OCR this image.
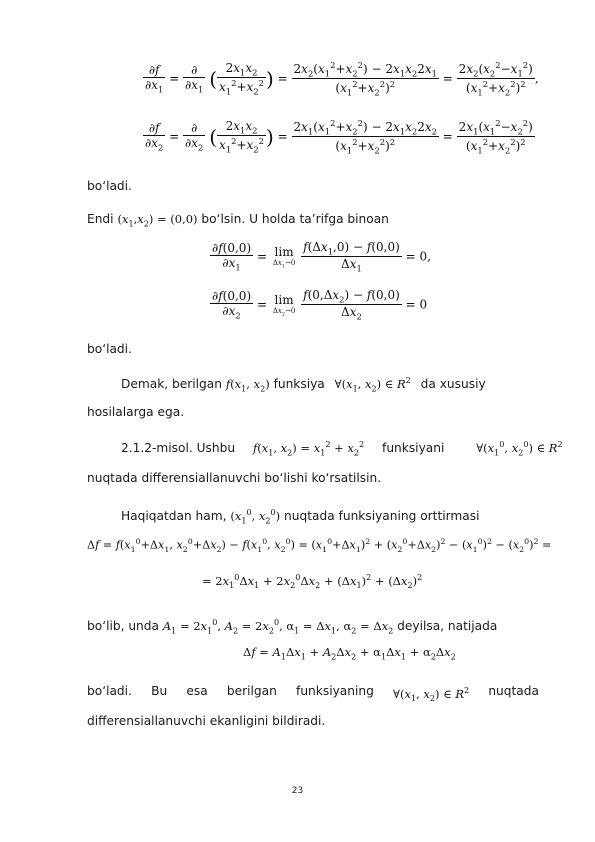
$\frac{\partial f}{\partial x_1} = \frac{\partial}{\partial x_1}$ ( $\frac{2x_1x_2}{x_1^2+x_2^2}$ ) = $\frac{2x_2(x_1^2+x_2^2) - 2x_1x_22x_1}{(x_1^2+x_2^2)^2} = \frac{2x_2(x_2^2-x_1^2)}{(x_1^2+x_2^2)^2}$ ,
$\frac{\partial f}{\partial x_2} = \frac{\partial}{\partial x_2}$ ( $\frac{2x_1x_2}{x_1^2+x_2^2}$ ) = $\frac{2x_1(x_1^2+x_2^2) - 2x_1x_22x_2}{(x_1^2+x_2^2)^2} = \frac{2x_1(x_1^2-x_2^2)}{(x_1^2+x_2^2)^2}$
bo‘ladi.
Endi $(x_1,x_2) = (0,0)$ bo‘lsin. U holda ta’rifga binoan
$\frac{\partial f(0,0)}{\partial x_1} = \lim$
$\Delta x_1\to 0$
$\frac{f(\Delta x_1,0) - f(0,0)}{\Delta x_1} = 0$,
$\frac{\partial f(0,0)}{\partial x_2} = \lim$
$\Delta x_2\to 0$
$\frac{f(0,\Delta x_2) - f(0,0)}{\Delta x_2} = 0$
bo‘ladi.
Demak, berilgan $f(x_1$, $x_2$) funksiya $\forall(x_1$, $x_2$) ∈ $R^2$ da xususiy
hosilalarga ega.
2.1.2-misol. Ushbu $f(x_1$, $x_2) = x_1^2 + x_2^2$ funksiyani	$\forall(x_1^0$, $x_2^0$) ∈ $R^2$
nuqtada differensiallanuvchi bo‘lishi ko‘rsatilsin.
Haqiqatdan ham, ($x_1^0$, $x_2^0$) nuqtada funksiyaning orttirmasi
$\Delta f = f(x_1^0+\Delta x_1$, $x_2^0+\Delta x_2) - f(x_1^0$, $x_2^0) = (x_1^0+\Delta x_1)^2 + (x_2^0+\Delta x_2)^2 - (x_1^0)^2 - (x_2^0)^2$ =
= $2x_1^0\Delta x_1 + 2x_2^0\Delta x_2 + (\Delta x_1)^2 + (\Delta x_2)^2$
bo‘lib, unda $A_1 = 2x_1^0$, $A_2 = 2x_2^0$, $\alpha_1 = \Delta x_1$, $\alpha_2 = \Delta x_2$ deyilsa, natijada
$\Delta f = A_1\Delta x_1 + A_2\Delta x_2 + \alpha_1\Delta x_1 + \alpha_2\Delta x_2$
bo‘ladi. Bu esa berilgan funksiyaning $\forall(x_1$, $x_2$) ∈ $R^2$ nuqtada
differensiallanuvchi ekanligini bildiradi.
23
